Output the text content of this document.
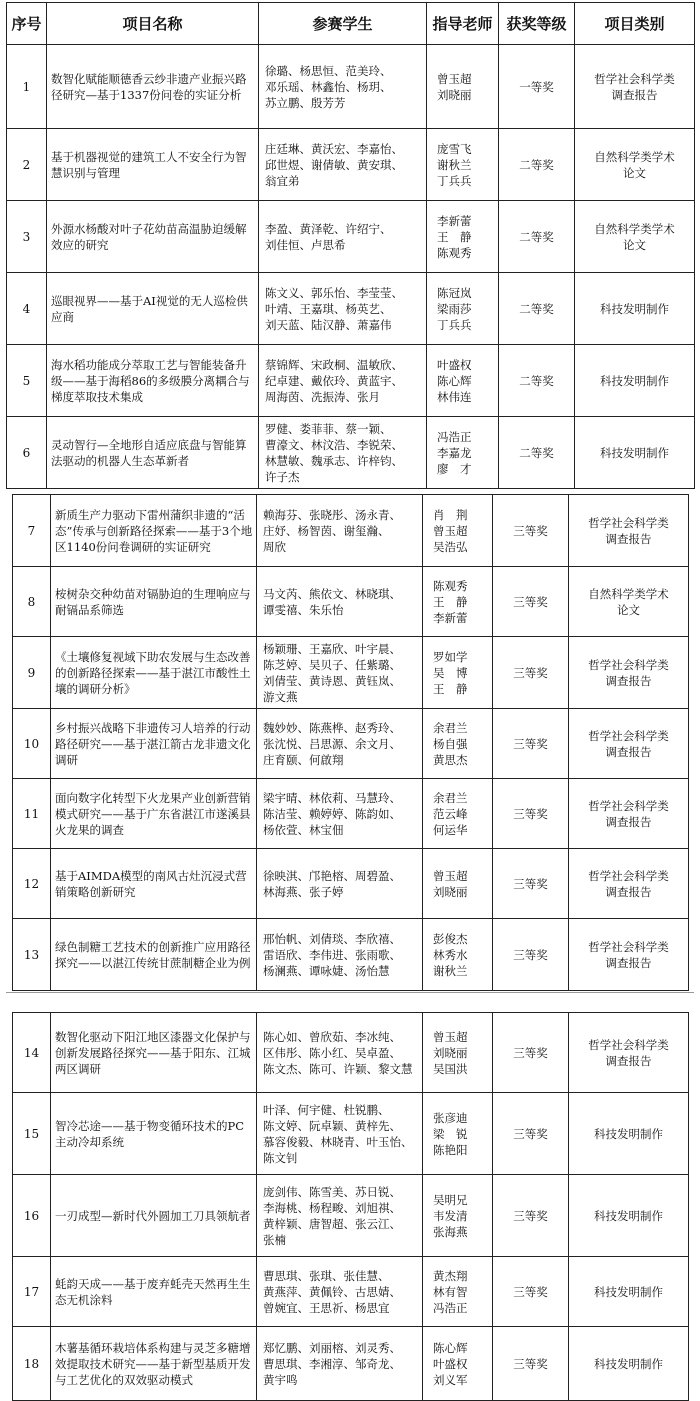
序号	项目名称	参赛学生	指导老师	获奖等级	项目类别

1	数智化赋能顺德香云纱非遗产业振兴路径研究—基于1337份问卷的实证分析	徐璐、杨思恒、范美玲、
邓乐瑶、林鑫怡、杨玥、
苏立鹏、殷芳芳	曾玉超
刘晓丽	一等奖	哲学社会科学类
调查报告

2	基于机器视觉的建筑工人不安全行为智慧识别与管理	庄廷琳、黄沃宏、李嘉怡、
邱世煜、谢倩敏、黄安琪、
翁宜弟	庞雪飞
谢秋兰
丁兵兵	二等奖	自然科学类学术
论文

3	外源水杨酸对叶子花幼苗高温胁迫缓解效应的研究	李盈、黄泽乾、许绍宁、
刘佳恒、卢思希	李新蕾
王　静
陈观秀	二等奖	自然科学类学术
论文

4	巡眼视界——基于AI视觉的无人巡检供应商	陈文义、郭乐怡、李莹莹、
叶靖、王嘉琪、杨英艺、
刘天蓝、陆汉静、萧嘉伟	陈冠岚
梁雨莎
丁兵兵	二等奖	科技发明制作

5	海水稻功能成分萃取工艺与智能装备升级——基于海稻86的多级膜分离耦合与梯度萃取技术集成	蔡锦辉、宋政桐、温敏欣、
纪卓建、戴依玲、黄蓝宇、
周海茵、冼振涛、张月	叶盛权
陈心辉
林伟连	二等奖	科技发明制作

6	灵动智行—全地形自适应底盘与智能算法驱动的机器人生态革新者	罗健、娄菲菲、蔡一颖、
曹濠文、林汶浩、李锐荣、
林慧敏、魏承志、许梓钧、
许子杰	冯浩正
李嘉龙
廖　才	二等奖	科技发明制作
7	新质生产力驱动下雷州蒲织非遗的“活态”传承与创新路径探索——基于3个地区1140份问卷调研的实证研究	赖海芬、张晓彤、汤永青、
庄妤、杨智茵、谢玺瀚、
周欣	肖　荆
曾玉超
吴浩弘	三等奖	哲学社会科学类
调查报告

8	桉树杂交种幼苗对镉胁迫的生理响应与耐镉品系筛选	马文芮、熊依文、林晓琪、
谭雯禧、朱乐怡	陈观秀
王　静
李新蕾	三等奖	自然科学类学术
论文

9	《土壤修复视域下助农发展与生态改善的创新路径探索——基于湛江市酸性土壤的调研分析》	杨颖珊、王嘉欣、叶宇晨、
陈芝婷、吴贝子、任紫璐、
刘倩莹、黄诗恩、黄钰岚、
游文燕	罗如学
吴　博
王　静	三等奖	哲学社会科学类
调查报告

10	乡村振兴战略下非遗传习人培养的行动路径研究——基于湛江箭古龙非遗文化调研	魏妙妙、陈燕桦、赵秀玲、
张沈悦、吕思源、余文月、
庄育颐、何啟翔	余君兰
杨自强
黄思杰	三等奖	哲学社会科学类
调查报告

11	面向数字化转型下火龙果产业创新营销模式研究——基于广东省湛江市遂溪县火龙果的调查	梁宇晴、林依莉、马慧玲、
陈洁莹、赖婷婷、陈韵如、
杨依萱、林宝佃	余君兰
范云峰
何运华	三等奖	哲学社会科学类
调查报告

12	基于AIMDA模型的南风古灶沉浸式营销策略创新研究	徐映淇、邝艳榕、周碧盈、
林海燕、张子婷	曾玉超
刘晓丽	三等奖	哲学社会科学类
调查报告

13	绿色制糖工艺技术的创新推广应用路径探究——以湛江传统甘蔗制糖企业为例	邢怡帆、刘倩琰、李欣禧、
雷语欣、李伟进、张雨歌、
杨澜燕、谭咏婕、汤怡慧	彭俊杰
林秀水
谢秋兰	三等奖	哲学社会科学类
调查报告
14	数智化驱动下阳江地区漆器文化保护与创新发展路径探究——基于阳东、江城两区调研	陈心如、曾欣茹、李冰纯、
区伟彤、陈小红、吴卓盈、
陈文杰、陈可、许颖、黎文慧	曾玉超
刘晓丽
吴国洪	三等奖	哲学社会科学类
调查报告

15	智冷芯途——基于物变循环技术的PC主动冷却系统	叶泽、何宇健、杜锐鹏、
陈文婷、阮卓颖、黄梓先、
慕容俊毅、林晓青、叶玉怡、
陈文钊	张彦迪
梁　锐
陈艳阳	三等奖	科技发明制作

16	一刃成型—新时代外圆加工刀具领航者	庞剑伟、陈雪美、苏日锐、
李海桃、杨程畯、刘旭祺、
黄梓颖、唐智超、张云江、
张楠	吴明兄
韦发清
张海燕	三等奖	科技发明制作

17	蚝韵天成——基于废弃蚝壳天然再生生态无机涂料	曹思琪、张琪、张佳慧、
黄燕萍、黄佩铃、古思婧、
曾婉宜、王思祈、杨思宜	黄杰翔
林有智
冯浩正	三等奖	科技发明制作

18	木薯基循环栽培体系构建与灵芝多糖增效提取技术研究——基于新型基质开发与工艺优化的双效驱动模式	郑忆鹏、刘丽榕、刘灵秀、
曹思琪、李湘淳、邹奇龙、
黄宇鸣	陈心辉
叶盛权
刘义军	三等奖	科技发明制作
